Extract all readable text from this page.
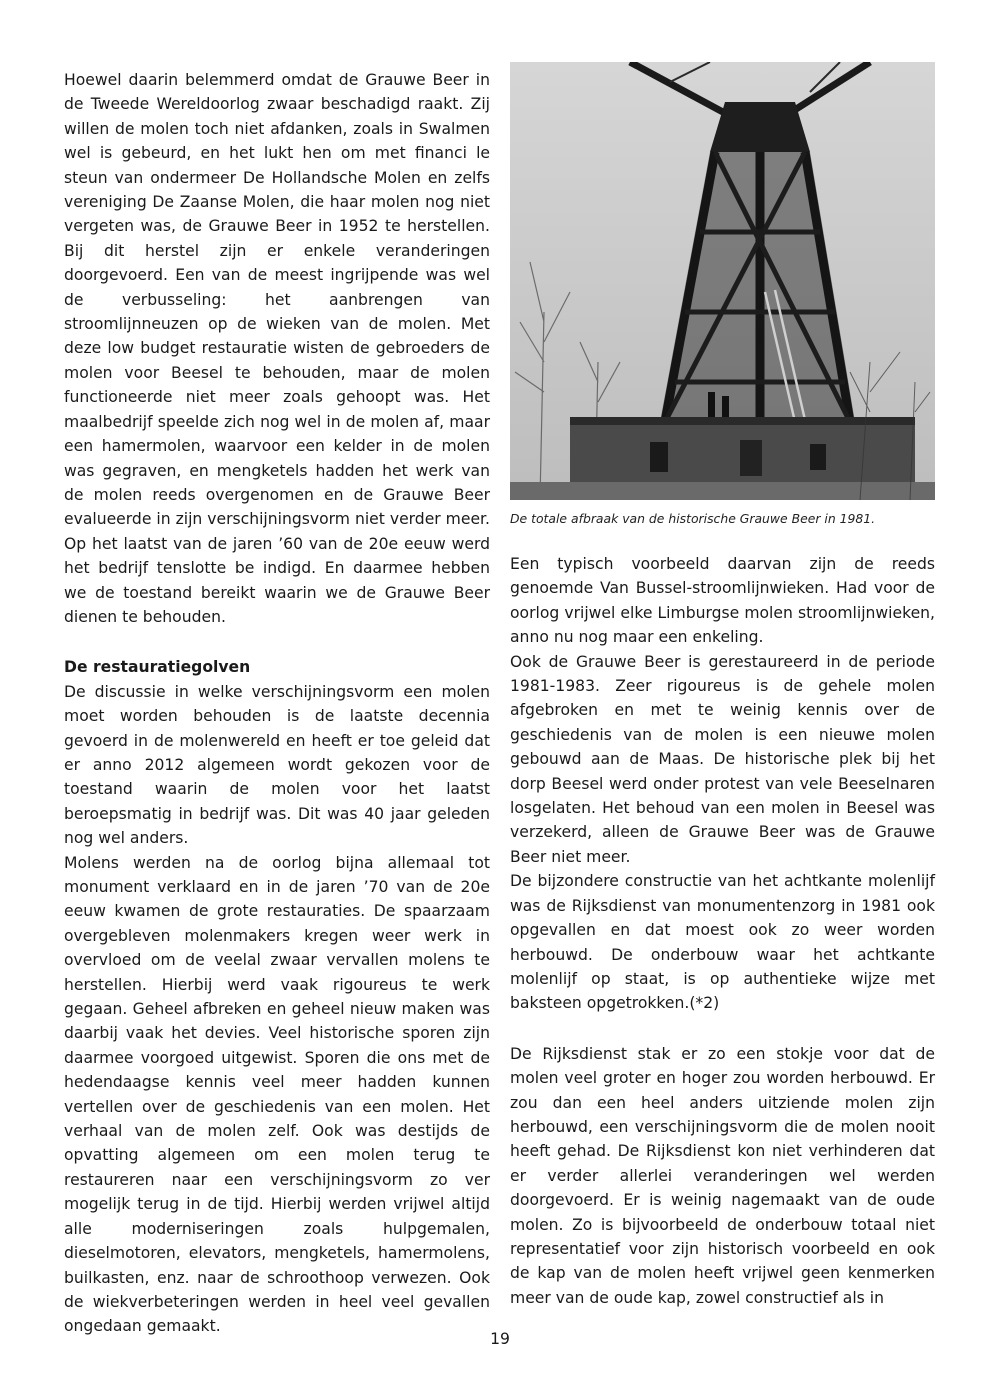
Hoewel daarin belemmerd omdat de Grauwe Beer in de Tweede Wereldoorlog zwaar beschadigd raakt. Zij willen de molen toch niet afdanken, zoals in Swalmen wel is gebeurd, en het lukt hen om met financi le steun van ondermeer De Hollandsche Molen en zelfs vereniging De Zaanse Molen, die haar molen nog niet vergeten was, de Grauwe Beer in 1952 te herstellen. Bij dit herstel zijn er enkele veranderingen doorgevoerd. Een van de meest ingrijpende was wel de verbusseling: het aanbrengen van stroomlijnneuzen op de wieken van de molen. Met deze low budget restauratie wisten de gebroeders de molen voor Beesel te behouden, maar de molen functioneerde niet meer zoals gehoopt was. Het maalbedrijf speelde zich nog wel in de molen af, maar een hamermolen, waarvoor een kelder in de molen was gegraven, en mengketels hadden het werk van de molen reeds overgenomen en de Grauwe Beer evalueerde in zijn verschijningsvorm niet verder meer. Op het laatst van de jaren ’60 van de 20e eeuw werd het bedrijf tenslotte be indigd. En daarmee hebben we de toestand bereikt waarin we de Grauwe Beer dienen te behouden.

De restauratiegolven

De discussie in welke verschijningsvorm een molen moet worden behouden is de laatste decennia gevoerd in de molenwereld en heeft er toe geleid dat er anno 2012 algemeen wordt gekozen voor de toestand waarin de molen voor het laatst beroepsmatig in bedrijf was. Dit was 40 jaar geleden nog wel anders.

Molens werden na de oorlog bijna allemaal tot monument verklaard en in de jaren ’70 van de 20e eeuw kwamen de grote restauraties. De spaarzaam overgebleven molenmakers kregen weer werk in overvloed om de veelal zwaar vervallen molens te herstellen. Hierbij werd vaak rigoureus te werk gegaan. Geheel afbreken en geheel nieuw maken was daarbij vaak het devies. Veel historische sporen zijn daarmee voorgoed uitgewist. Sporen die ons met de hedendaagse kennis veel meer hadden kunnen vertellen over de geschiedenis van een molen. Het verhaal van de molen zelf. Ook was destijds de opvatting algemeen om een molen terug te restaureren naar een verschijningsvorm zo ver mogelijk terug in de tijd. Hierbij werden vrijwel altijd alle moderniseringen zoals hulpgemalen, dieselmotoren, elevators, mengketels, hamermolens, builkasten, enz. naar de schroothoop verwezen. Ook de wiekverbeteringen werden in heel veel gevallen ongedaan gemaakt.

De totale afbraak van de historische Grauwe Beer in 1981.

Een typisch voorbeeld daarvan zijn de reeds genoemde Van Bussel-stroomlijnwieken. Had voor de oorlog vrijwel elke Limburgse molen stroomlijnwieken, anno nu nog maar een enkeling.

Ook de Grauwe Beer is gerestaureerd in de periode 1981-1983. Zeer rigoureus is de gehele molen afgebroken en met te weinig kennis over de geschiedenis van de molen is een nieuwe molen gebouwd aan de Maas. De historische plek bij het dorp Beesel werd onder protest van vele Beeselnaren losgelaten. Het behoud van een molen in Beesel was verzekerd, alleen de Grauwe Beer was de Grauwe Beer niet meer.

De bijzondere constructie van het achtkante molenlijf was de Rijksdienst van monumentenzorg in 1981 ook opgevallen en dat moest ook zo weer worden herbouwd. De onderbouw waar het achtkante molenlijf op staat, is op authentieke wijze met baksteen opgetrokken.(*2)

De Rijksdienst stak er zo een stokje voor dat de molen veel groter en hoger zou worden herbouwd. Er zou dan een heel anders uitziende molen zijn herbouwd, een verschijningsvorm die de molen nooit heeft gehad. De Rijksdienst kon niet verhinderen dat er verder allerlei veranderingen wel werden doorgevoerd. Er is weinig nagemaakt van de oude molen. Zo is bijvoorbeeld de onderbouw totaal niet representatief voor zijn historisch voorbeeld en ook de kap van de molen heeft vrijwel geen kenmerken meer van de oude kap, zowel constructief als in

19
